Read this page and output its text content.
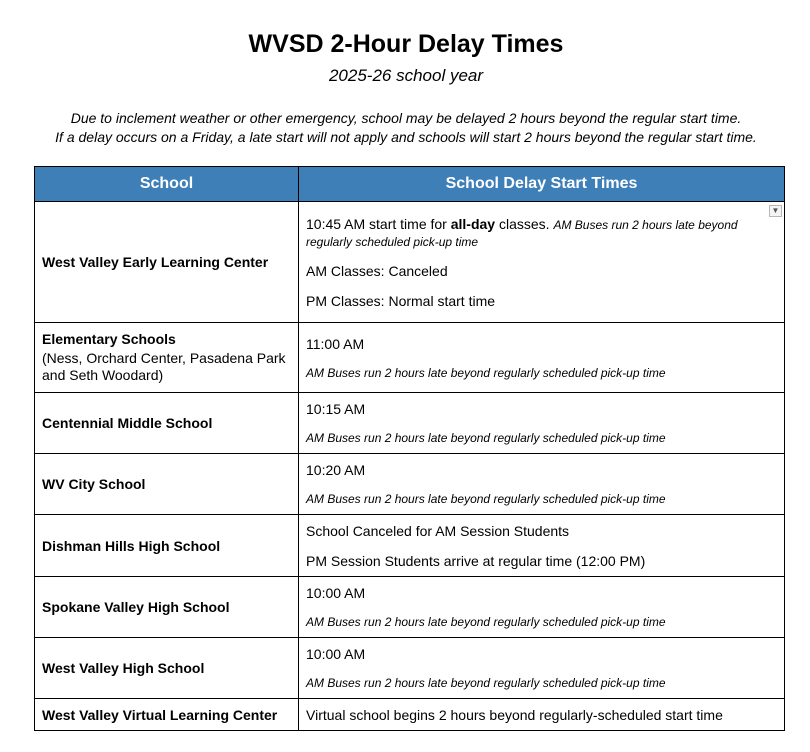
WVSD 2-Hour Delay Times
2025-26 school year
Due to inclement weather or other emergency, school may be delayed 2 hours beyond the regular start time.
If a delay occurs on a Friday, a late start will not apply and schools will start 2 hours beyond the regular start time.
School	School Delay Start Times
West Valley Early Learning Center	▼
10:45 AM start time for all-day classes. AM Buses run 2 hours late beyond regularly scheduled pick-up time
AM Classes: Canceled
PM Classes: Normal start time

Elementary Schools
(Ness, Orchard Center, Pasadena Park and Seth Woodard)	11:00 AM
AM Buses run 2 hours late beyond regularly scheduled pick-up time

Centennial Middle School	10:15 AM
AM Buses run 2 hours late beyond regularly scheduled pick-up time

WV City School	10:20 AM
AM Buses run 2 hours late beyond regularly scheduled pick-up time

Dishman Hills High School	School Canceled for AM Session Students
PM Session Students arrive at regular time (12:00 PM)

Spokane Valley High School	10:00 AM
AM Buses run 2 hours late beyond regularly scheduled pick-up time

West Valley High School	10:00 AM
AM Buses run 2 hours late beyond regularly scheduled pick-up time

West Valley Virtual Learning Center	Virtual school begins 2 hours beyond regularly-scheduled start time
